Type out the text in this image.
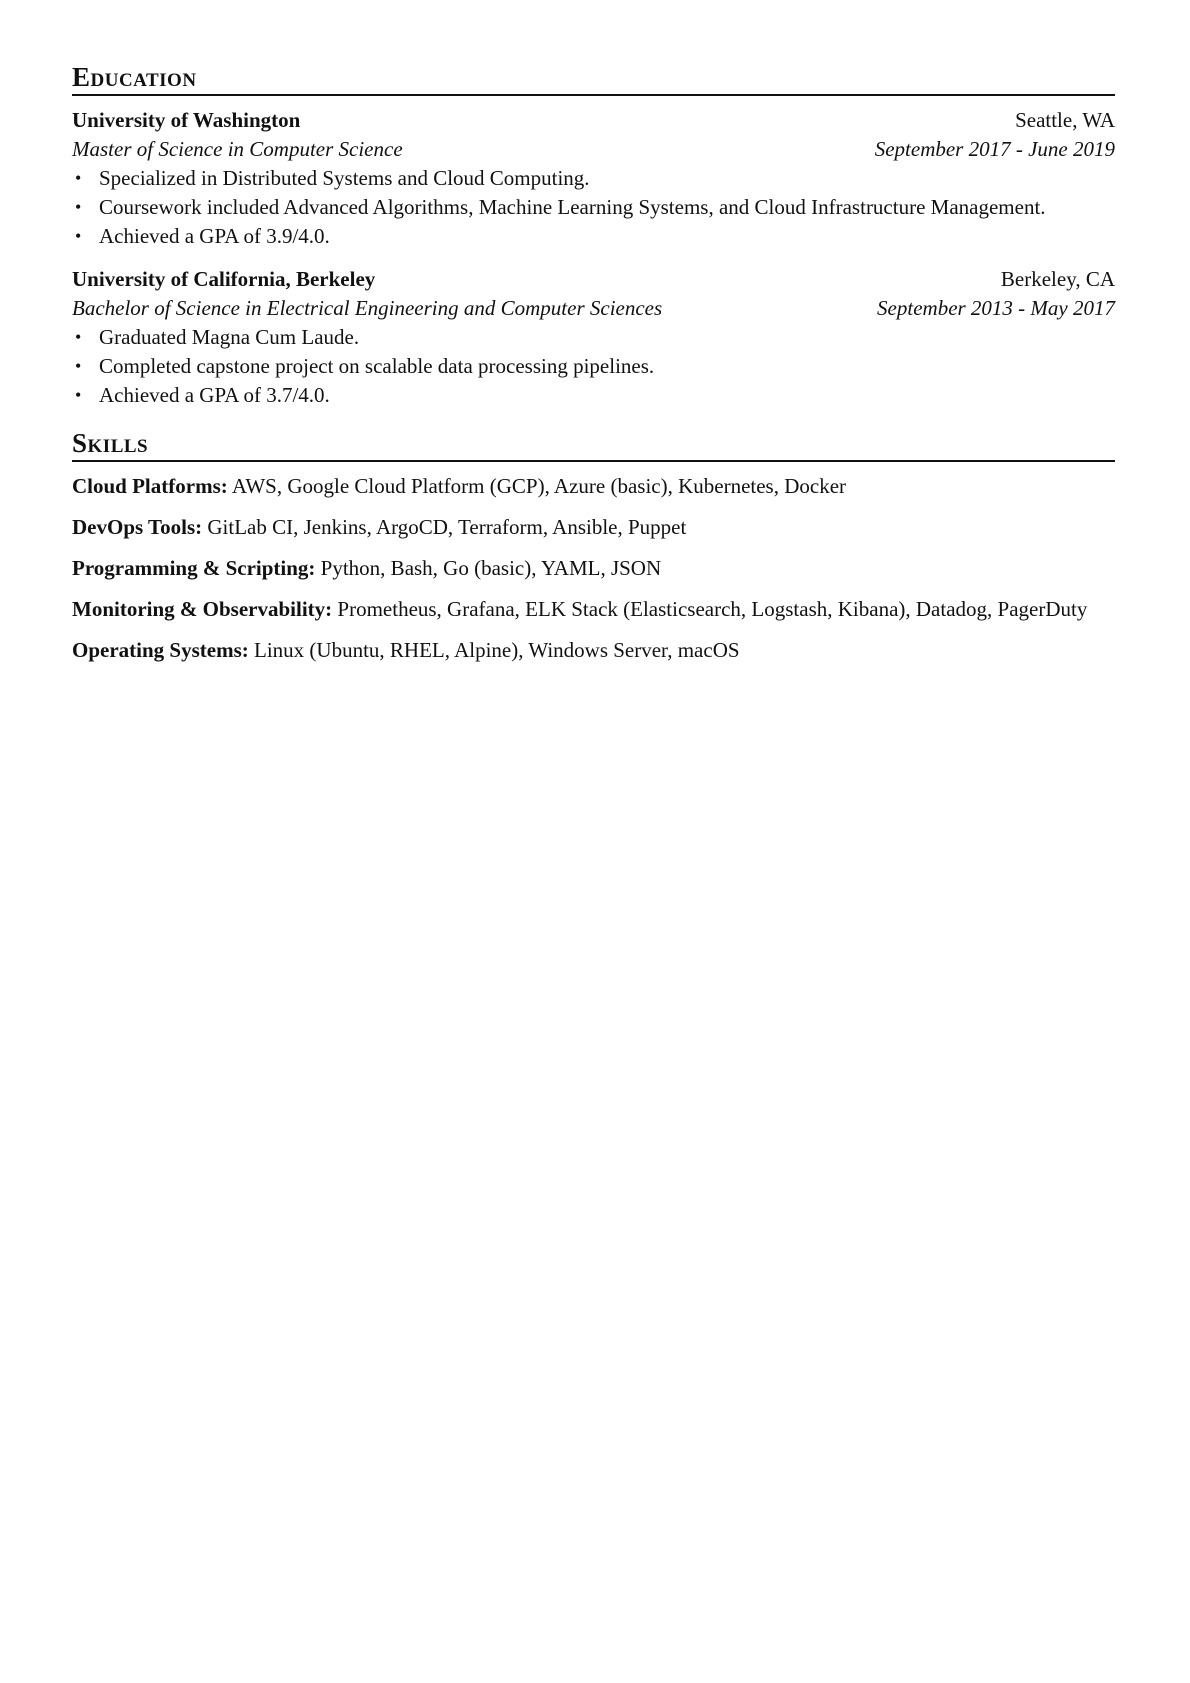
Education
University of Washington	Seattle, WA
Master of Science in Computer Science	September 2017 - June 2019
• Specialized in Distributed Systems and Cloud Computing.
• Coursework included Advanced Algorithms, Machine Learning Systems, and Cloud Infrastructure Management.
• Achieved a GPA of 3.9/4.0.
University of California, Berkeley	Berkeley, CA
Bachelor of Science in Electrical Engineering and Computer Sciences	September 2013 - May 2017
• Graduated Magna Cum Laude.
• Completed capstone project on scalable data processing pipelines.
• Achieved a GPA of 3.7/4.0.
Skills
Cloud Platforms: AWS, Google Cloud Platform (GCP), Azure (basic), Kubernetes, Docker
DevOps Tools: GitLab CI, Jenkins, ArgoCD, Terraform, Ansible, Puppet
Programming & Scripting: Python, Bash, Go (basic), YAML, JSON
Monitoring & Observability: Prometheus, Grafana, ELK Stack (Elasticsearch, Logstash, Kibana), Datadog, PagerDuty
Operating Systems: Linux (Ubuntu, RHEL, Alpine), Windows Server, macOS
